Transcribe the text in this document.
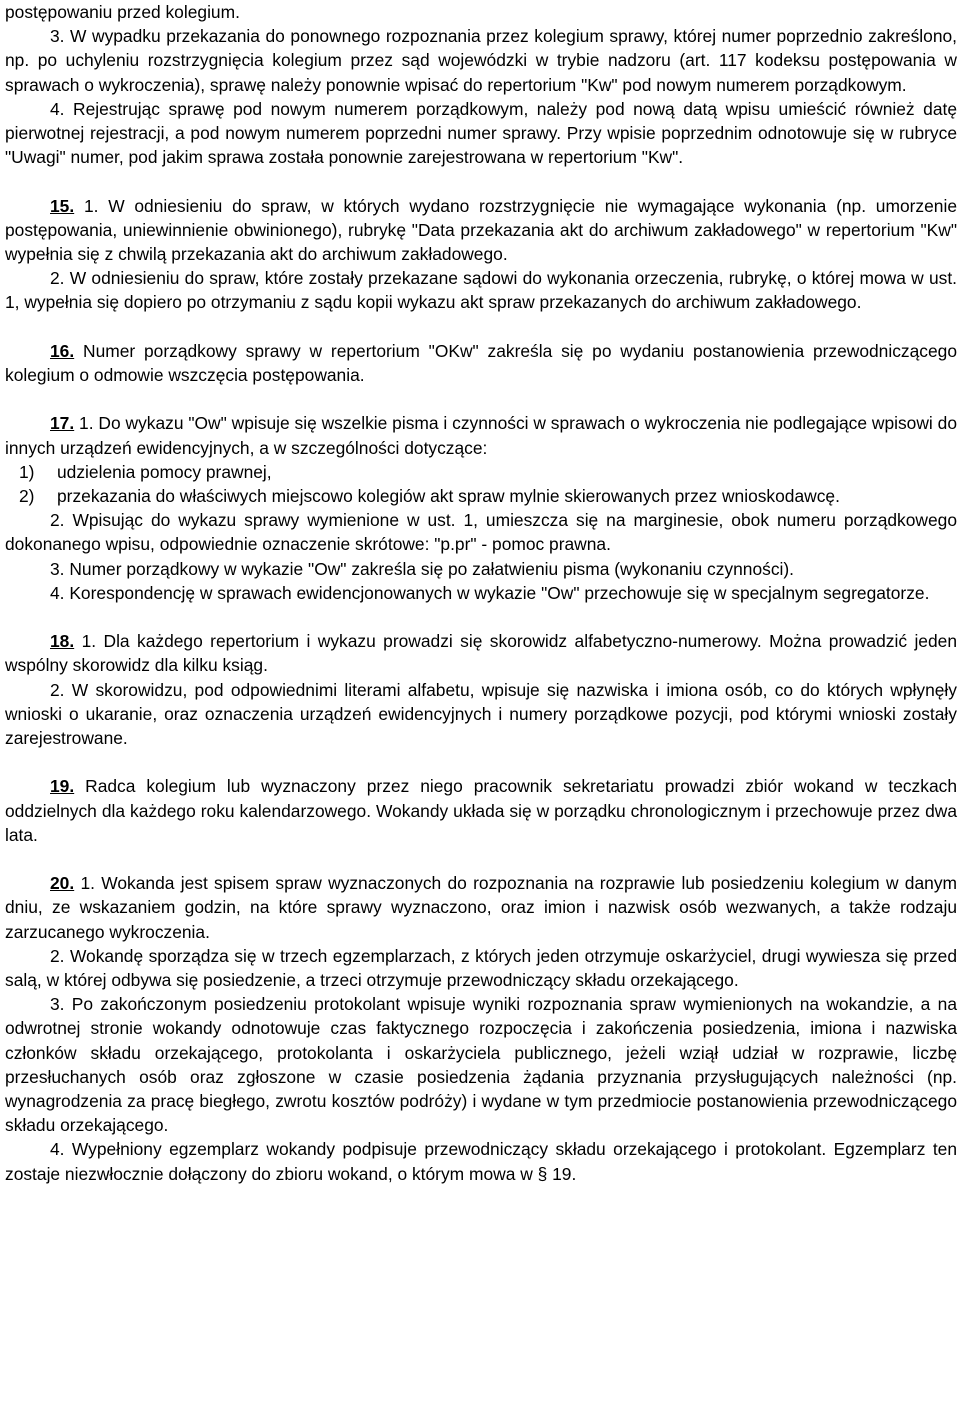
postępowaniu przed kolegium.

3. W wypadku przekazania do ponownego rozpoznania przez kolegium sprawy, której numer poprzednio zakreślono, np. po uchyleniu rozstrzygnięcia kolegium przez sąd wojewódzki w trybie nadzoru (art. 117 kodeksu postępowania w sprawach o wykroczenia), sprawę należy ponownie wpisać do repertorium "Kw" pod nowym numerem porządkowym.

4. Rejestrując sprawę pod nowym numerem porządkowym, należy pod nową datą wpisu umieścić również datę pierwotnej rejestracji, a pod nowym numerem poprzedni numer sprawy. Przy wpisie poprzednim odnotowuje się w rubryce "Uwagi" numer, pod jakim sprawa została ponownie zarejestrowana w repertorium "Kw".

15. 1. W odniesieniu do spraw, w których wydano rozstrzygnięcie nie wymagające wykonania (np. umorzenie postępowania, uniewinnienie obwinionego), rubrykę "Data przekazania akt do archiwum zakładowego" w repertorium "Kw" wypełnia się z chwilą przekazania akt do archiwum zakładowego.

2. W odniesieniu do spraw, które zostały przekazane sądowi do wykonania orzeczenia, rubrykę, o której mowa w ust. 1, wypełnia się dopiero po otrzymaniu z sądu kopii wykazu akt spraw przekazanych do archiwum zakładowego.

16. Numer porządkowy sprawy w repertorium "OKw" zakreśla się po wydaniu postanowienia przewodniczącego kolegium o odmowie wszczęcia postępowania.

17. 1. Do wykazu "Ow" wpisuje się wszelkie pisma i czynności w sprawach o wykroczenia nie podlegające wpisowi do innych urządzeń ewidencyjnych, a w szczególności dotyczące:

1)	udzielenia pomocy prawnej,
2)	przekazania do właściwych miejscowo kolegiów akt spraw mylnie skierowanych przez wnioskodawcę.

2. Wpisując do wykazu sprawy wymienione w ust. 1, umieszcza się na marginesie, obok numeru porządkowego dokonanego wpisu, odpowiednie oznaczenie skrótowe: "p.pr" - pomoc prawna.

3. Numer porządkowy w wykazie "Ow" zakreśla się po załatwieniu pisma (wykonaniu czynności).

4. Korespondencję w sprawach ewidencjonowanych w wykazie "Ow" przechowuje się w specjalnym segregatorze.

18. 1. Dla każdego repertorium i wykazu prowadzi się skorowidz alfabetyczno-numerowy. Można prowadzić jeden wspólny skorowidz dla kilku ksiąg.

2. W skorowidzu, pod odpowiednimi literami alfabetu, wpisuje się nazwiska i imiona osób, co do których wpłynęły wnioski o ukaranie, oraz oznaczenia urządzeń ewidencyjnych i numery porządkowe pozycji, pod którymi wnioski zostały zarejestrowane.

19. Radca kolegium lub wyznaczony przez niego pracownik sekretariatu prowadzi zbiór wokand w teczkach oddzielnych dla każdego roku kalendarzowego. Wokandy układa się w porządku chronologicznym i przechowuje przez dwa lata.

20. 1. Wokanda jest spisem spraw wyznaczonych do rozpoznania na rozprawie lub posiedzeniu kolegium w danym dniu, ze wskazaniem godzin, na które sprawy wyznaczono, oraz imion i nazwisk osób wezwanych, a także rodzaju zarzucanego wykroczenia.

2. Wokandę sporządza się w trzech egzemplarzach, z których jeden otrzymuje oskarżyciel, drugi wywiesza się przed salą, w której odbywa się posiedzenie, a trzeci otrzymuje przewodniczący składu orzekającego.

3. Po zakończonym posiedzeniu protokolant wpisuje wyniki rozpoznania spraw wymienionych na wokandzie, a na odwrotnej stronie wokandy odnotowuje czas faktycznego rozpoczęcia i zakończenia posiedzenia, imiona i nazwiska członków składu orzekającego, protokolanta i oskarżyciela publicznego, jeżeli wziął udział w rozprawie, liczbę przesłuchanych osób oraz zgłoszone w czasie posiedzenia żądania przyznania przysługujących należności (np. wynagrodzenia za pracę biegłego, zwrotu kosztów podróży) i wydane w tym przedmiocie postanowienia przewodniczącego składu orzekającego.

4. Wypełniony egzemplarz wokandy podpisuje przewodniczący składu orzekającego i protokolant. Egzemplarz ten zostaje niezwłocznie dołączony do zbioru wokand, o którym mowa w § 19.
